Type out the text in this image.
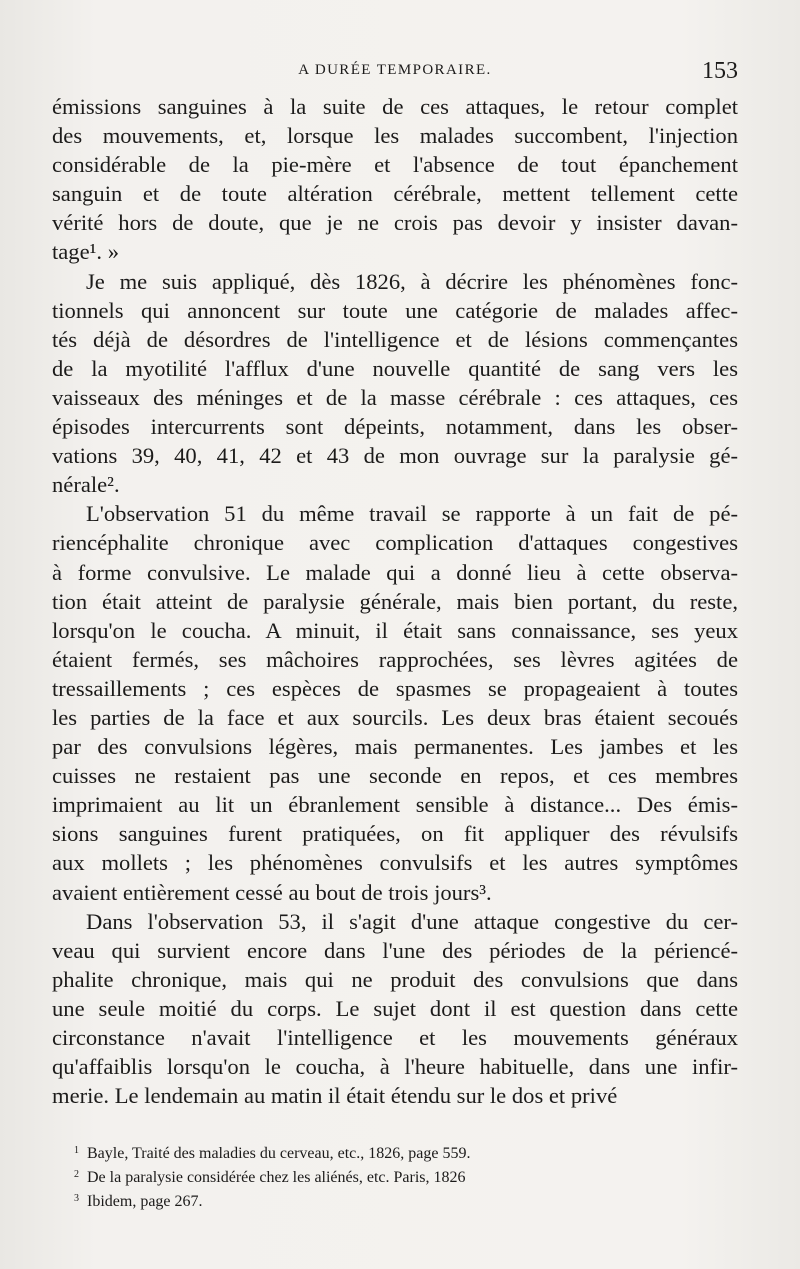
A DURÉE TEMPORAIRE.	153

émissions sanguines à la suite de ces attaques, le retour complet
des mouvements, et, lorsque les malades succombent, l'injection
considérable de la pie-mère et l'absence de tout épanchement
sanguin et de toute altération cérébrale, mettent tellement cette
vérité hors de doute, que je ne crois pas devoir y insister davan-
tage¹. »

Je me suis appliqué, dès 1826, à décrire les phénomènes fonc-
tionnels qui annoncent sur toute une catégorie de malades affec-
tés déjà de désordres de l'intelligence et de lésions commençantes
de la myotilité l'afflux d'une nouvelle quantité de sang vers les
vaisseaux des méninges et de la masse cérébrale : ces attaques, ces
épisodes intercurrents sont dépeints, notamment, dans les obser-
vations 39, 40, 41, 42 et 43 de mon ouvrage sur la paralysie gé-
nérale².

L'observation 51 du même travail se rapporte à un fait de pé-
riencéphalite chronique avec complication d'attaques congestives
à forme convulsive. Le malade qui a donné lieu à cette observa-
tion était atteint de paralysie générale, mais bien portant, du reste,
lorsqu'on le coucha. A minuit, il était sans connaissance, ses yeux
étaient fermés, ses mâchoires rapprochées, ses lèvres agitées de
tressaillements ; ces espèces de spasmes se propageaient à toutes
les parties de la face et aux sourcils. Les deux bras étaient secoués
par des convulsions légères, mais permanentes. Les jambes et les
cuisses ne restaient pas une seconde en repos, et ces membres
imprimaient au lit un ébranlement sensible à distance... Des émis-
sions sanguines furent pratiquées, on fit appliquer des révulsifs
aux mollets ; les phénomènes convulsifs et les autres symptômes
avaient entièrement cessé au bout de trois jours³.

Dans l'observation 53, il s'agit d'une attaque congestive du cer-
veau qui survient encore dans l'une des périodes de la périencé-
phalite chronique, mais qui ne produit des convulsions que dans
une seule moitié du corps. Le sujet dont il est question dans cette
circonstance n'avait l'intelligence et les mouvements généraux
qu'affaiblis lorsqu'on le coucha, à l'heure habituelle, dans une infir-
merie. Le lendemain au matin il était étendu sur le dos et privé

$^1$ Bayle, Traité des maladies du cerveau, etc., 1826, page 559.
$^2$ De la paralysie considérée chez les aliénés, etc. Paris, 1826
$^3$ Ibidem, page 267.
